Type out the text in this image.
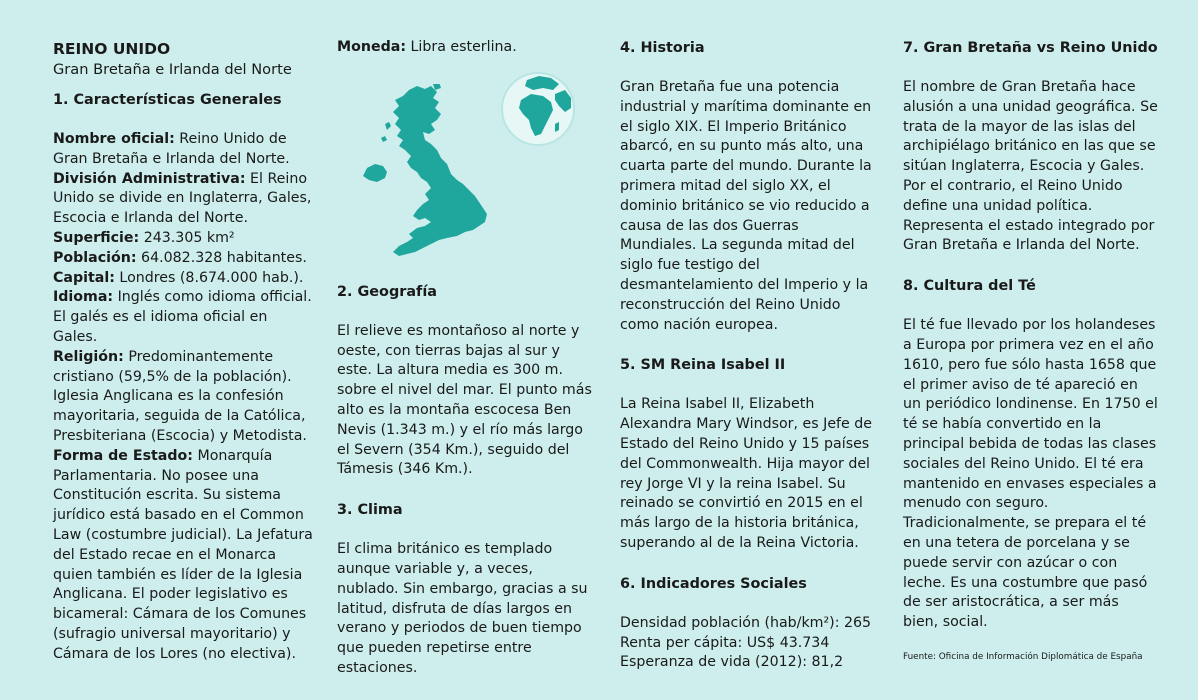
REINO UNIDO
Gran Bretaña e Irlanda del Norte
1. Características Generales

Nombre oficial: Reino Unido de Gran Bretaña e Irlanda del Norte.

División Administrativa: El Reino Unido se divide en Inglaterra, Gales, Escocia e Irlanda del Norte.

Superficie: 243.305 km²

Población: 64.082.328 habitantes.

Capital: Londres (8.674.000 hab.).

Idioma: Inglés como idioma official. El galés es el idioma oficial en Gales.

Religión: Predominantemente cristiano (59,5% de la población). Iglesia Anglicana es la confesión mayoritaria, seguida de la Católica, Presbiteriana (Escocia) y Metodista.

Forma de Estado: Monarquía Parlamentaria. No posee una Constitución escrita. Su sistema jurídico está basado en el Common Law (costumbre judicial). La Jefatura del Estado recae en el Monarca quien también es líder de la Iglesia Anglicana. El poder legislativo es bicameral: Cámara de los Comunes (sufragio universal mayoritario) y Cámara de los Lores (no electiva).

Moneda: Libra esterlina.

2. Geografía

El relieve es montañoso al norte y oeste, con tierras bajas al sur y este. La altura media es 300 m. sobre el nivel del mar. El punto más alto es la montaña escocesa Ben Nevis (1.343 m.) y el río más largo el Severn (354 Km.), seguido del Támesis (346 Km.).

3. Clima

El clima británico es templado aunque variable y, a veces, nublado. Sin embargo, gracias a su latitud, disfruta de días largos en verano y periodos de buen tiempo que pueden repetirse entre estaciones.

4. Historia

Gran Bretaña fue una potencia industrial y marítima dominante en el siglo XIX. El Imperio Británico abarcó, en su punto más alto, una cuarta parte del mundo. Durante la primera mitad del siglo XX, el dominio británico se vio reducido a causa de las dos Guerras Mundiales. La segunda mitad del siglo fue testigo del desmantelamiento del Imperio y la reconstrucción del Reino Unido como nación europea.

5. SM Reina Isabel II

La Reina Isabel II, Elizabeth Alexandra Mary Windsor, es Jefe de Estado del Reino Unido y 15 países del Commonwealth. Hija mayor del rey Jorge VI y la reina Isabel. Su reinado se convirtió en 2015 en el más largo de la historia británica, superando al de la Reina Victoria.

6. Indicadores Sociales

Densidad población (hab/km²): 265

Renta per cápita: US$ 43.734

Esperanza de vida (2012): 81,2

7. Gran Bretaña vs Reino Unido

El nombre de Gran Bretaña hace alusión a una unidad geográfica. Se trata de la mayor de las islas del archipiélago británico en las que se sitúan Inglaterra, Escocia y Gales. Por el contrario, el Reino Unido define una unidad política. Representa el estado integrado por Gran Bretaña e Irlanda del Norte.

8. Cultura del Té

El té fue llevado por los holandeses a Europa por primera vez en el año 1610, pero fue sólo hasta 1658 que el primer aviso de té apareció en un periódico londinense. En 1750 el té se había convertido en la principal bebida de todas las clases sociales del Reino Unido. El té era mantenido en envases especiales a menudo con seguro. Tradicionalmente, se prepara el té en una tetera de porcelana y se puede servir con azúcar o con leche. Es una costumbre que pasó de ser aristocrática, a ser más bien, social.

Fuente: Oficina de Información Diplomática de España
